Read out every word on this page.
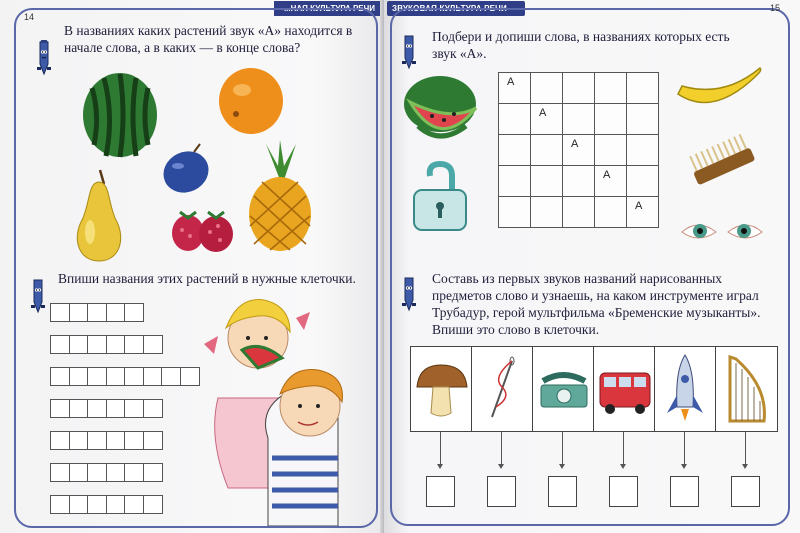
...НАЯ КУЛЬТУРА РЕЧИ
14
В названиях каких растений звук «А» находится в начале слова, а в каких — в конце слова?
Впиши названия этих растений в нужные клеточки.
ЗВУКОВАЯ КУЛЬТУРА РЕЧИ	15
Подбери и допиши слова, в названиях которых есть звук «А».
А				
	А			
		А		
			А	
				А
Составь из первых звуков названий нарисованных предметов слово и узнаешь, на каком инструменте играл Трубадур, герой мультфильма «Бременские музыканты». Впиши это слово в клеточки.
